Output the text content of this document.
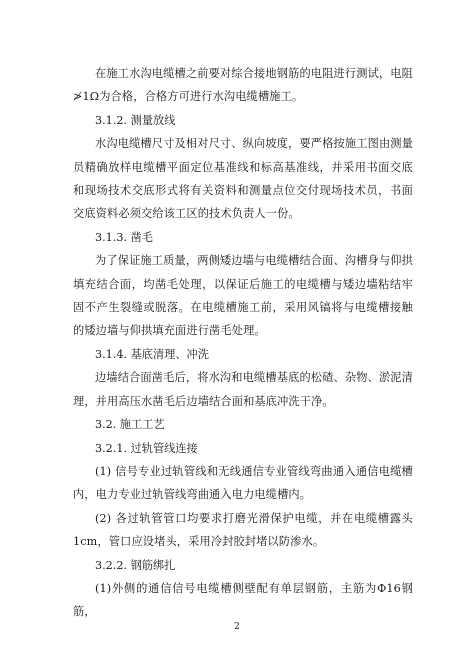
在施工水沟电缆槽之前要对综合接地钢筋的电阻进行测试，电阻≯1Ω为合格，合格方可进行水沟电缆槽施工。

3.1.2. 测量放线

水沟电缆槽尺寸及相对尺寸、纵向坡度，要严格按施工图由测量员精确放样电缆槽平面定位基准线和标高基准线，并采用书面交底和现场技术交底形式将有关资料和测量点位交付现场技术员，书面交底资料必须交给该工区的技术负责人一份。

3.1.3. 凿毛

为了保证施工质量，两侧矮边墙与电缆槽结合面、沟槽身与仰拱填充结合面，均凿毛处理，以保证后施工的电缆槽与矮边墙粘结牢固不产生裂缝或脱落。在电缆槽施工前，采用风镐将与电缆槽接触的矮边墙与仰拱填充面进行凿毛处理。

3.1.4. 基底清理、冲洗

边墙结合面凿毛后，将水沟和电缆槽基底的松碴、杂物、淤泥清理，并用高压水凿毛后边墙结合面和基底冲洗干净。

3.2. 施工工艺

3.2.1. 过轨管线连接

(1) 信号专业过轨管线和无线通信专业管线弯曲通入通信电缆槽内，电力专业过轨管线弯曲通入电力电缆槽内。

(2) 各过轨管管口均要求打磨光滑保护电缆，并在电缆槽露头1cm，管口应设堵头，采用冷封胶封堵以防渗水。

3.2.2. 钢筋绑扎

(1)外侧的通信信号电缆槽侧壁配有单层钢筋，主筋为Φ16钢筋，

2
